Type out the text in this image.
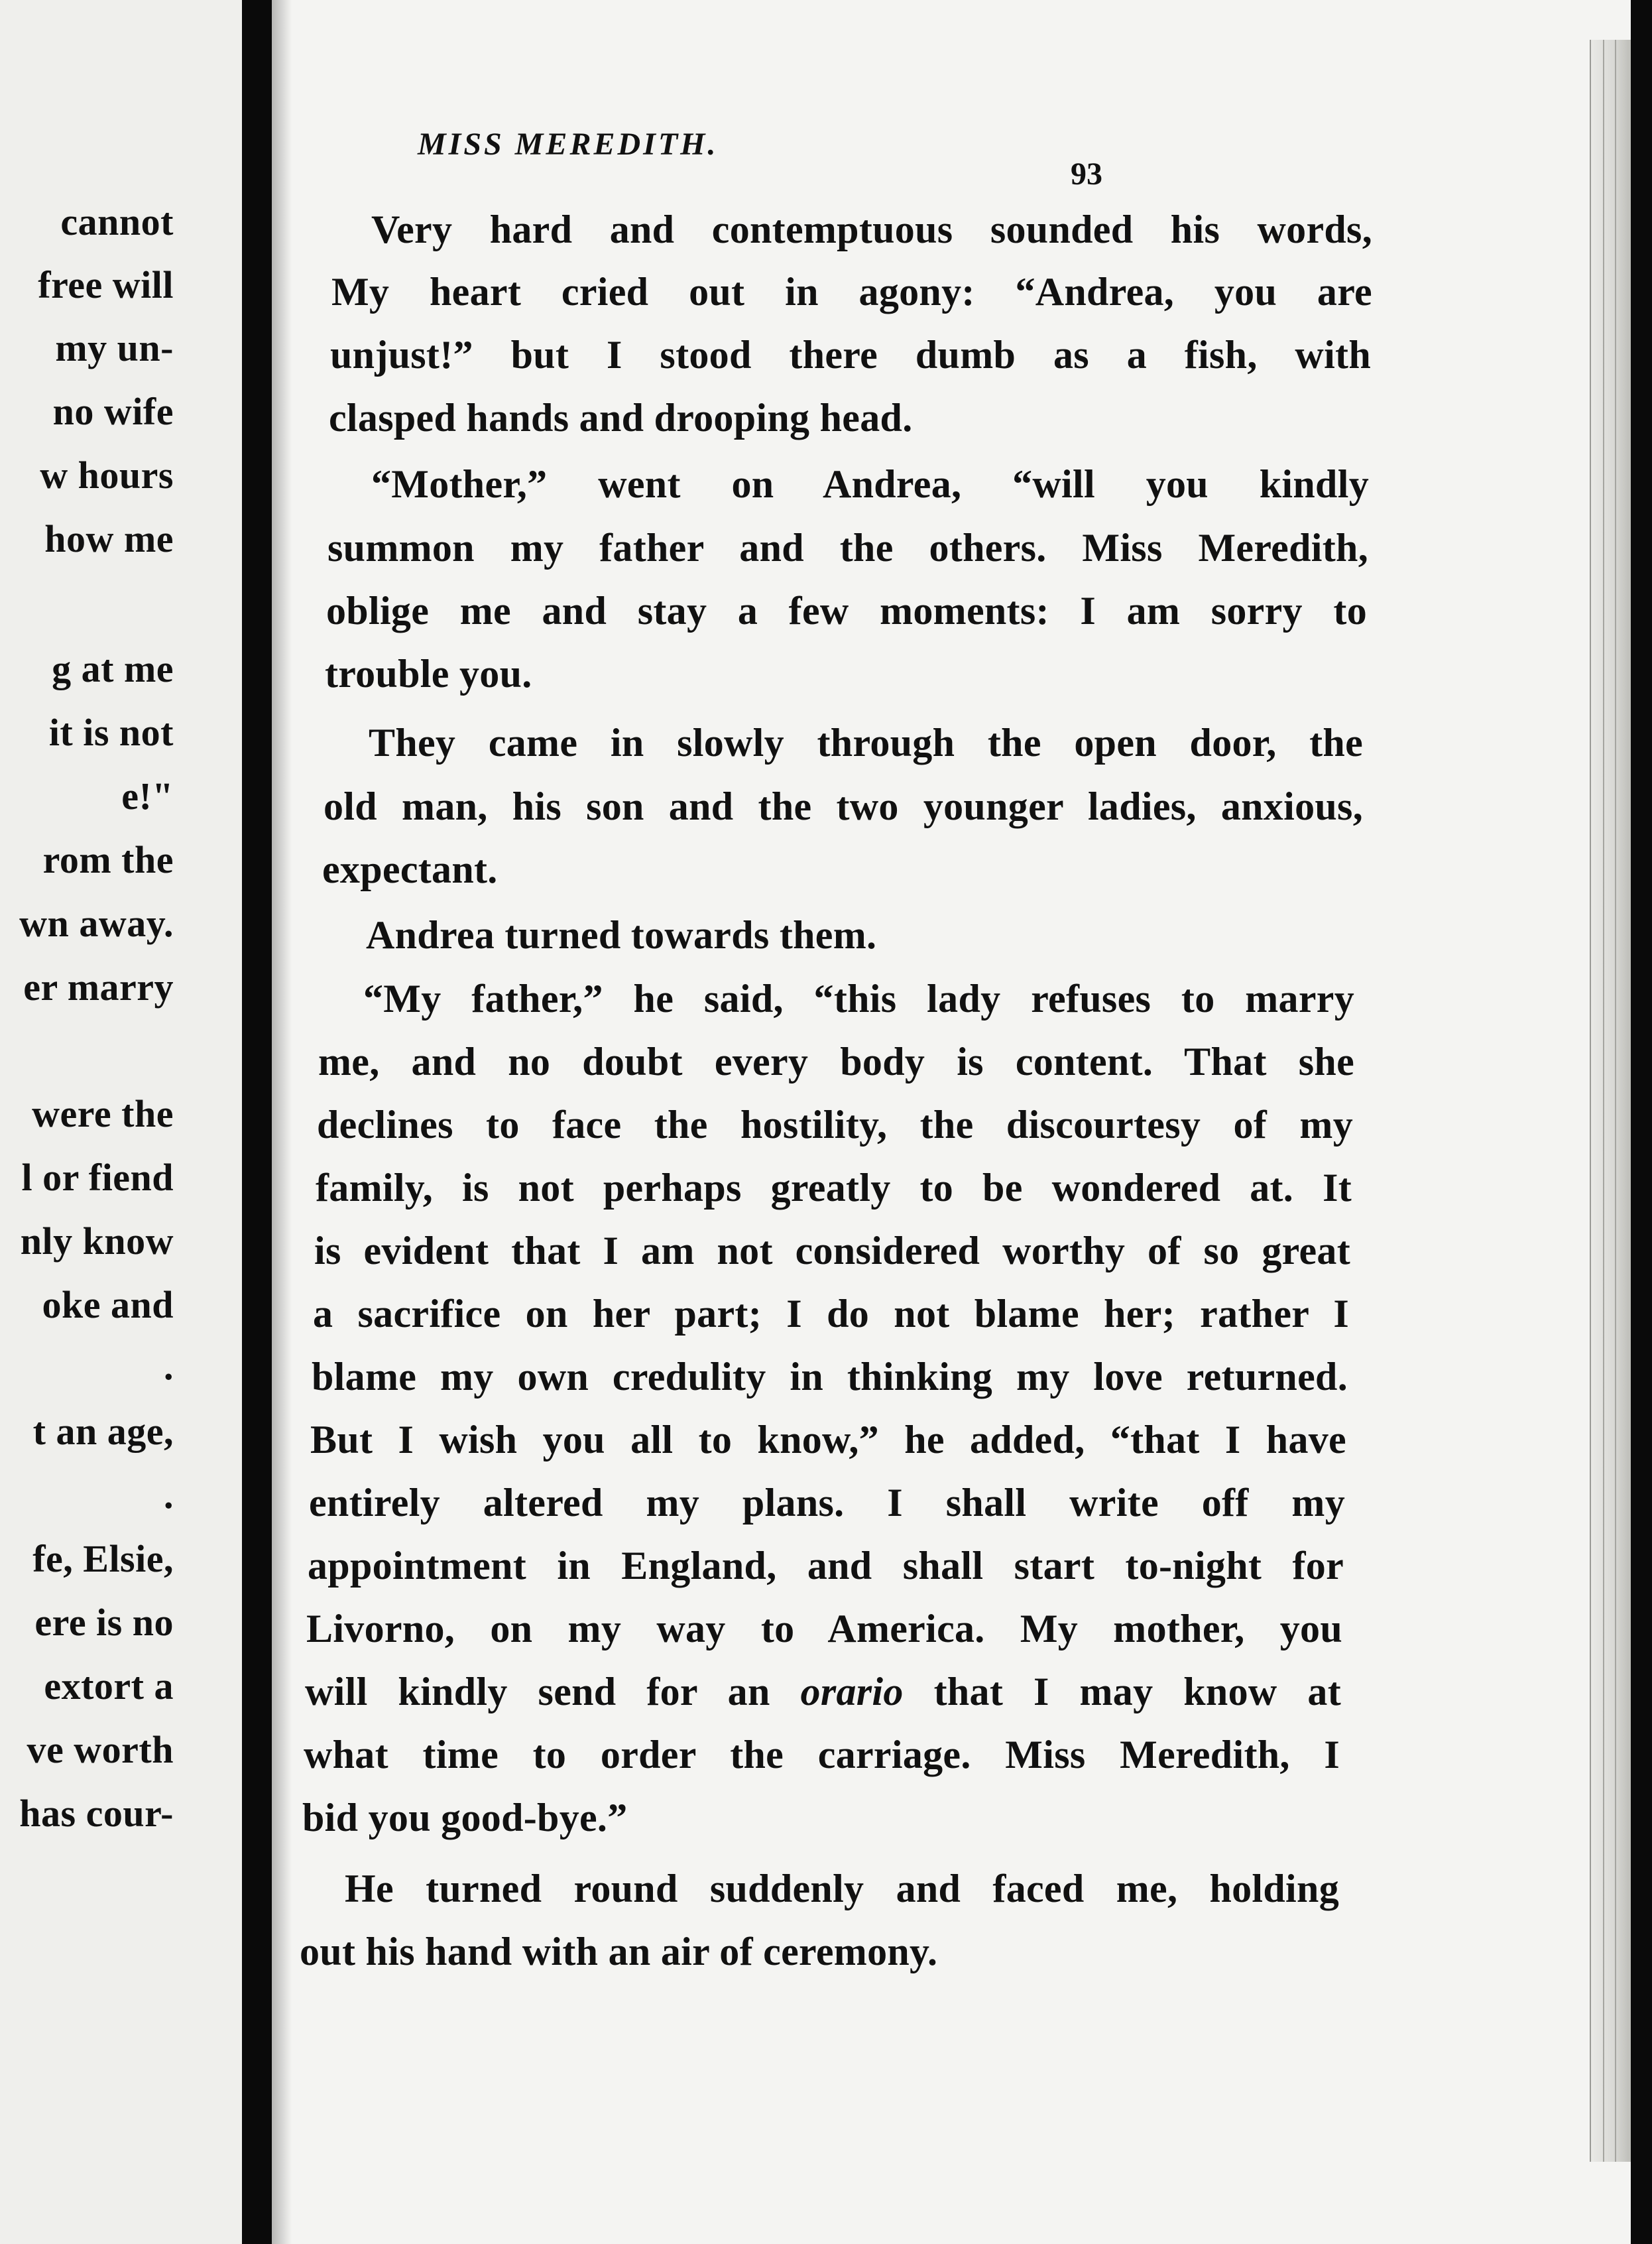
cannot
free will
my un-
no wife
w hours
how me
g at me
it is not
e!"
rom the
wn away.
er marry
were the
l or fiend
nly know
oke and
.
t an age,
.
fe, Elsie,
ere is no
extort a
ve worth
has cour-
MISS MEREDITH.
93
Very hard and contemptuous sounded his words,
My heart cried out in agony: “Andrea, you are
unjust!” but I stood there dumb as a fish, with
clasped hands and drooping head.
“Mother,” went on Andrea, “will you kindly
summon my father and the others. Miss Meredith,
oblige me and stay a few moments: I am sorry to
trouble you.
They came in slowly through the open door, the
old man, his son and the two younger ladies, anxious,
expectant.
Andrea turned towards them.
“My father,” he said, “this lady refuses to marry
me, and no doubt every body is content. That she
declines to face the hostility, the discourtesy of my
family, is not perhaps greatly to be wondered at. It
is evident that I am not considered worthy of so great
a sacrifice on her part; I do not blame her; rather I
blame my own credulity in thinking my love returned.
But I wish you all to know,” he added, “that I have
entirely altered my plans. I shall write off my
appointment in England, and shall start to-night for
Livorno, on my way to America. My mother, you
will kindly send for an orario that I may know at
what time to order the carriage. Miss Meredith, I
bid you good-bye.”
He turned round suddenly and faced me, holding
out his hand with an air of ceremony.
